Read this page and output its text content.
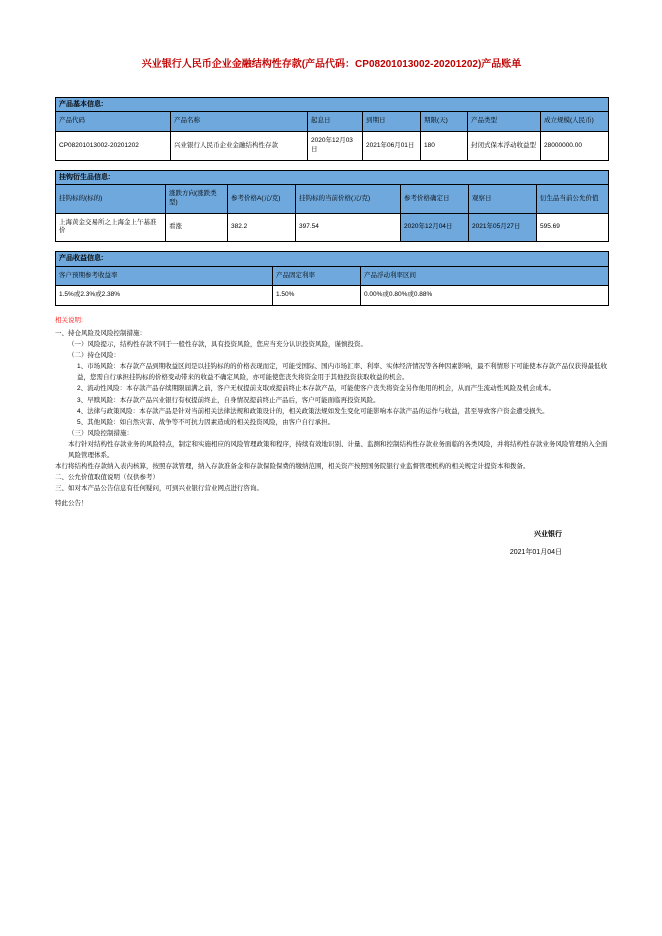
兴业银行人民币企业金融结构性存款(产品代码：CP08201013002-20201202)产品账单
产品基本信息:						
产品代码	产品名称	起息日	到期日	期限(天)	产品类型	成立规模(人民币)
CP08201013002-20201202	兴业银行人民币企业金融结构性存款	2020年12月03日	2021年06月01日	180	封闭式保本浮动收益型	28000000.00
挂钩衍生品信息:						
挂钩标的(标的)	涨跌方向(涨跌类型)	参考价格A(元/克)	挂钩标的当前价格(元/克)	参考价格确定日	观察日	衍生品当前公允价值
上海黄金交易所之上海金上午基准价	看涨	382.2	397.54	2020年12月04日	2021年05月27日	595.69
产品收益信息:		
客户预期参考收益率	产品固定利率	产品浮动利率区间
1.5%或2.3%或2.38%	1.50%	0.00%或0.80%或0.88%
相关说明:
一、持仓风险及风险控制措施：
（一）风险提示，结构性存款不同于一般性存款，具有投资风险，您应当充分认识投资风险，谨慎投资。
（二）持仓风险：
1、市场风险：本存款产品到期收益区间是以挂钩标的的价格表现而定，可能受国际、国内市场汇率、利率、实体经济情况等各种因素影响，最不利情形下可能使本存款产品仅获得最低收益，您需自行承担挂钩标的价格变动带来的收益不确定风险，亦可能使您丧失将资金用于其他投资获取收益的机会。
2、流动性风险：本存款产品存续期限届满之前，客户无权提前支取或提前终止本存款产品，可能使客户丧失将资金另作他用的机会，从而产生流动性风险及机会成本。
3、早赎风险：本存款产品兴业银行有权提前终止，自身情况提前终止产品后，客户可能面临再投资风险。
4、法律与政策风险：本存款产品是针对当前相关法律法规和政策设计的，相关政策法规如发生变化可能影响本存款产品的运作与收益，甚至导致客户资金遭受损失。
5、其他风险：如自然灾害、战争等不可抗力因素造成的相关投资风险，由客户自行承担。
（三）风险控制措施：
本行针对结构性存款业务的风险特点，制定和实施相应的风险管理政策和程序，持续有效地识别、计量、监测和控制结构性存款业务面临的各类风险，并将结构性存款业务风险管理纳入全面风险管理体系。
本行将结构性存款纳入表内核算，按照存款管理，纳入存款准备金和存款保险保费的缴纳范围，相关资产按照国务院银行业监督管理机构的相关规定计提资本和拨备。
二、公允价值取值说明（仅供参考）
三、如对本产品公告信息有任何疑问，可到兴业银行营业网点进行咨询。
特此公告！
兴业银行
2021年01月04日
